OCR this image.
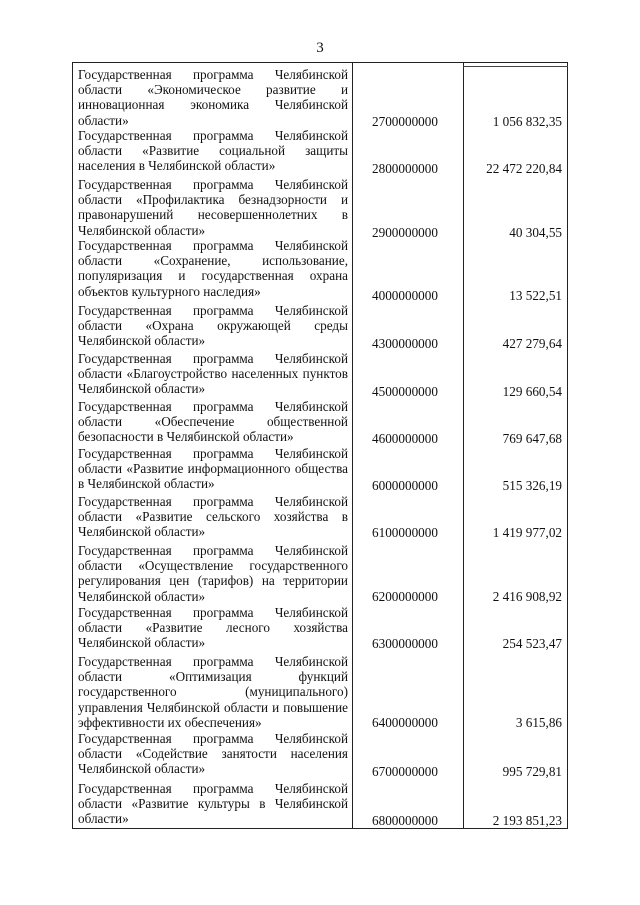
3
Государственная программа Челябинской области «Экономическое развитие и инновационная экономика Челябинской области»	2700000000	1 056 832,35
Государственная программа Челябинской области «Развитие социальной защиты населения в Челябинской области»	2800000000	22 472 220,84
Государственная программа Челябинской области «Профилактика безнадзорности и правонарушений несовершеннолетних в Челябинской области»	2900000000	40 304,55
Государственная программа Челябинской области «Сохранение, использование, популяризация и государственная охрана объектов культурного наследия»	4000000000	13 522,51
Государственная программа Челябинской области «Охрана окружающей среды Челябинской области»	4300000000	427 279,64
Государственная программа Челябинской области «Благоустройство населенных пунктов Челябинской области»	4500000000	129 660,54
Государственная программа Челябинской области «Обеспечение общественной безопасности в Челябинской области»	4600000000	769 647,68
Государственная программа Челябинской области «Развитие информационного общества в Челябинской области»	6000000000	515 326,19
Государственная программа Челябинской области «Развитие сельского хозяйства в Челябинской области»	6100000000	1 419 977,02
Государственная программа Челябинской области «Осуществление государственного регулирования цен (тарифов) на территории Челябинской области»	6200000000	2 416 908,92
Государственная программа Челябинской области «Развитие лесного хозяйства Челябинской области»	6300000000	254 523,47
Государственная программа Челябинской области «Оптимизация функций государственного (муниципального) управления Челябинской области и повышение эффективности их обеспечения»	6400000000	3 615,86
Государственная программа Челябинской области «Содействие занятости населения Челябинской области»	6700000000	995 729,81
Государственная программа Челябинской области «Развитие культуры в Челябинской области»	6800000000	2 193 851,23
